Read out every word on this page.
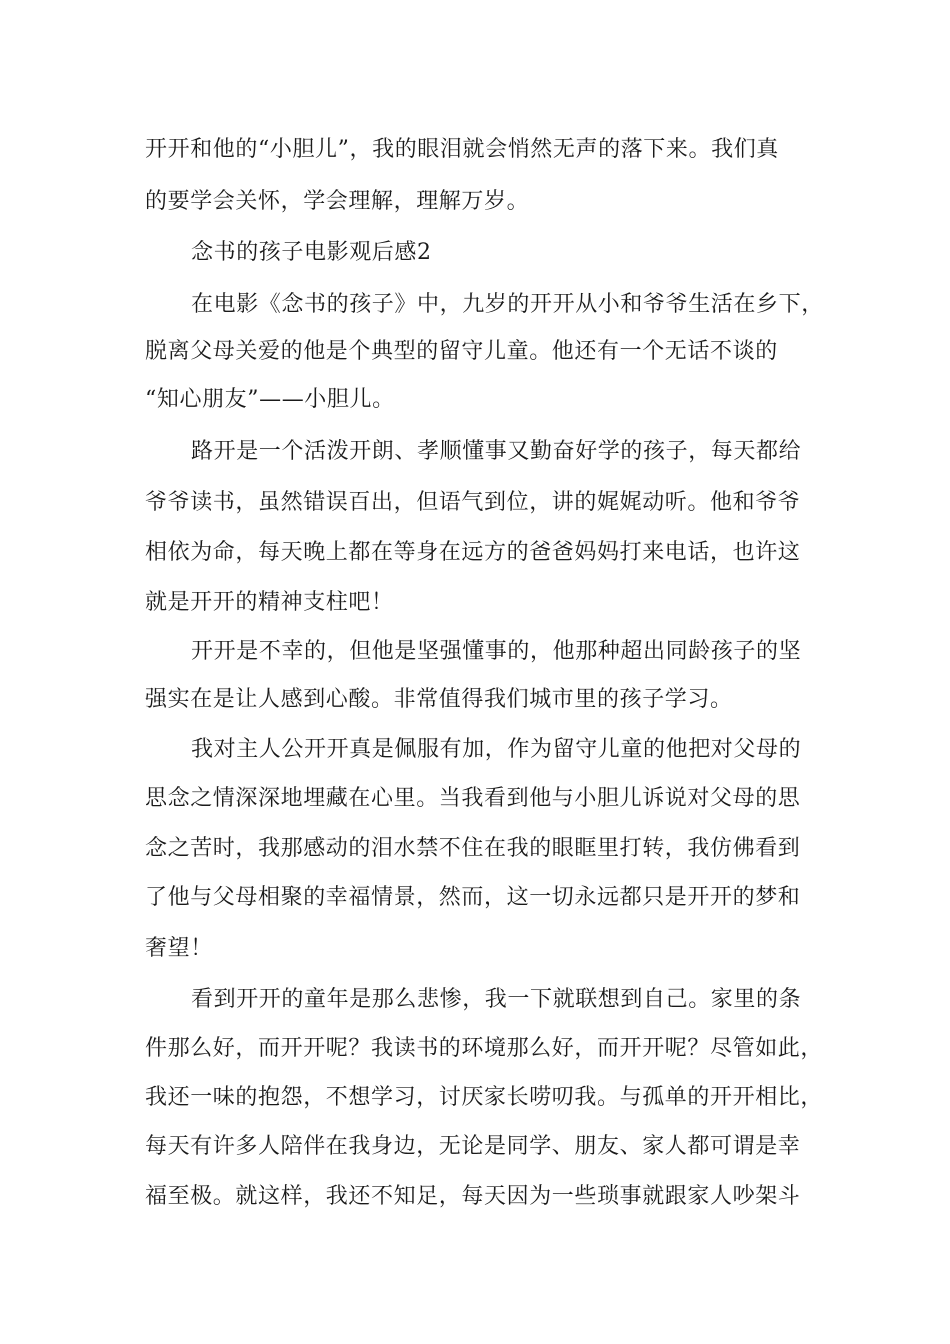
开开和他的“小胆儿”，我的眼泪就会悄然无声的落下来。我们真
的要学会关怀，学会理解，理解万岁。
念书的孩子电影观后感2
在电影《念书的孩子》中，九岁的开开从小和爷爷生活在乡下，
脱离父母关爱的他是个典型的留守儿童。他还有一个无话不谈的
“知心朋友”——小胆儿。
路开是一个活泼开朗、孝顺懂事又勤奋好学的孩子，每天都给
爷爷读书，虽然错误百出，但语气到位，讲的娓娓动听。他和爷爷
相依为命，每天晚上都在等身在远方的爸爸妈妈打来电话，也许这
就是开开的精神支柱吧！
开开是不幸的，但他是坚强懂事的，他那种超出同龄孩子的坚
强实在是让人感到心酸。非常值得我们城市里的孩子学习。
我对主人公开开真是佩服有加，作为留守儿童的他把对父母的
思念之情深深地埋藏在心里。当我看到他与小胆儿诉说对父母的思
念之苦时，我那感动的泪水禁不住在我的眼眶里打转，我仿佛看到
了他与父母相聚的幸福情景，然而，这一切永远都只是开开的梦和
奢望！
看到开开的童年是那么悲惨，我一下就联想到自己。家里的条
件那么好，而开开呢？我读书的环境那么好，而开开呢？尽管如此，
我还一味的抱怨，不想学习，讨厌家长唠叨我。与孤单的开开相比，
每天有许多人陪伴在我身边，无论是同学、朋友、家人都可谓是幸
福至极。就这样，我还不知足，每天因为一些琐事就跟家人吵架斗
